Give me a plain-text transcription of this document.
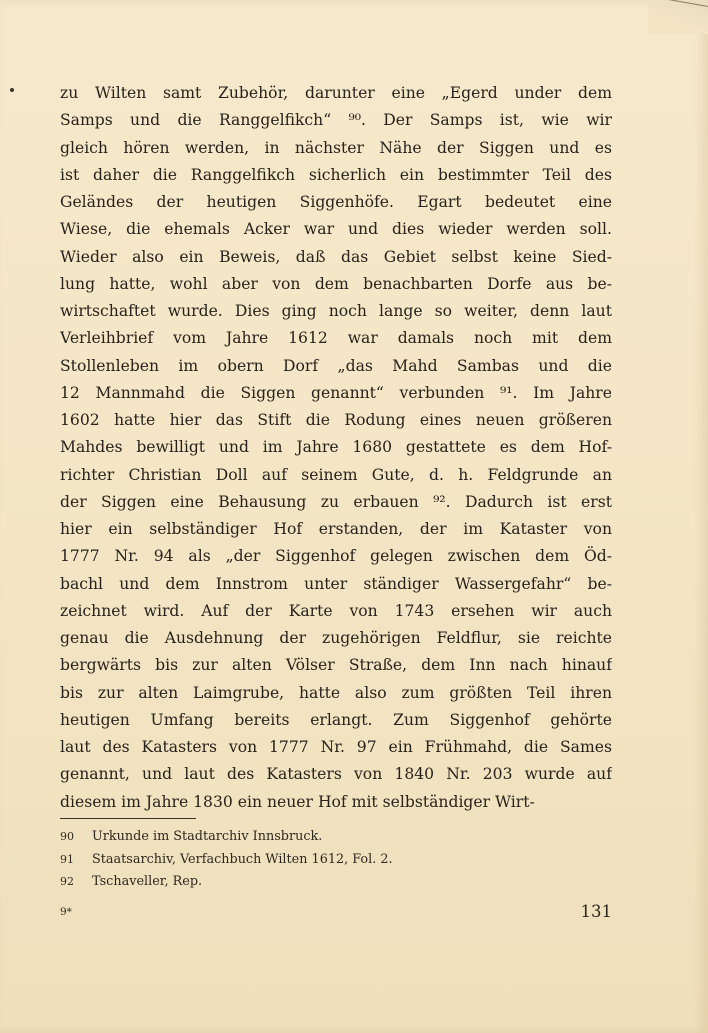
zu Wilten samt Zubehör, darunter eine „Egerd under dem
Samps und die Ranggelfikch“ ⁹⁰. Der Samps ist, wie wir
gleich hören werden, in nächster Nähe der Siggen und es
ist daher die Ranggelfikch sicherlich ein bestimmter Teil des
Geländes der heutigen Siggenhöfe. Egart bedeutet eine
Wiese, die ehemals Acker war und dies wieder werden soll.
Wieder also ein Beweis, daß das Gebiet selbst keine Sied-
lung hatte, wohl aber von dem benachbarten Dorfe aus be-
wirtschaftet wurde. Dies ging noch lange so weiter, denn laut
Verleihbrief vom Jahre 1612 war damals noch mit dem
Stollenleben im obern Dorf „das Mahd Sambas und die
12 Mannmahd die Siggen genannt“ verbunden ⁹¹. Im Jahre
1602 hatte hier das Stift die Rodung eines neuen größeren
Mahdes bewilligt und im Jahre 1680 gestattete es dem Hof-
richter Christian Doll auf seinem Gute, d. h. Feldgrunde an
der Siggen eine Behausung zu erbauen ⁹². Dadurch ist erst
hier ein selbständiger Hof erstanden, der im Kataster von
1777 Nr. 94 als „der Siggenhof gelegen zwischen dem Öd-
bachl und dem Innstrom unter ständiger Wassergefahr“ be-
zeichnet wird. Auf der Karte von 1743 ersehen wir auch
genau die Ausdehnung der zugehörigen Feldflur, sie reichte
bergwärts bis zur alten Völser Straße, dem Inn nach hinauf
bis zur alten Laimgrube, hatte also zum größten Teil ihren
heutigen Umfang bereits erlangt. Zum Siggenhof gehörte
laut des Katasters von 1777 Nr. 97 ein Frühmahd, die Sames
genannt, und laut des Katasters von 1840 Nr. 203 wurde auf
diesem im Jahre 1830 ein neuer Hof mit selbständiger Wirt-
90 Urkunde im Stadtarchiv Innsbruck.
91 Staatsarchiv, Verfachbuch Wilten 1612, Fol. 2.
92 Tschaveller, Rep.
9*	131
